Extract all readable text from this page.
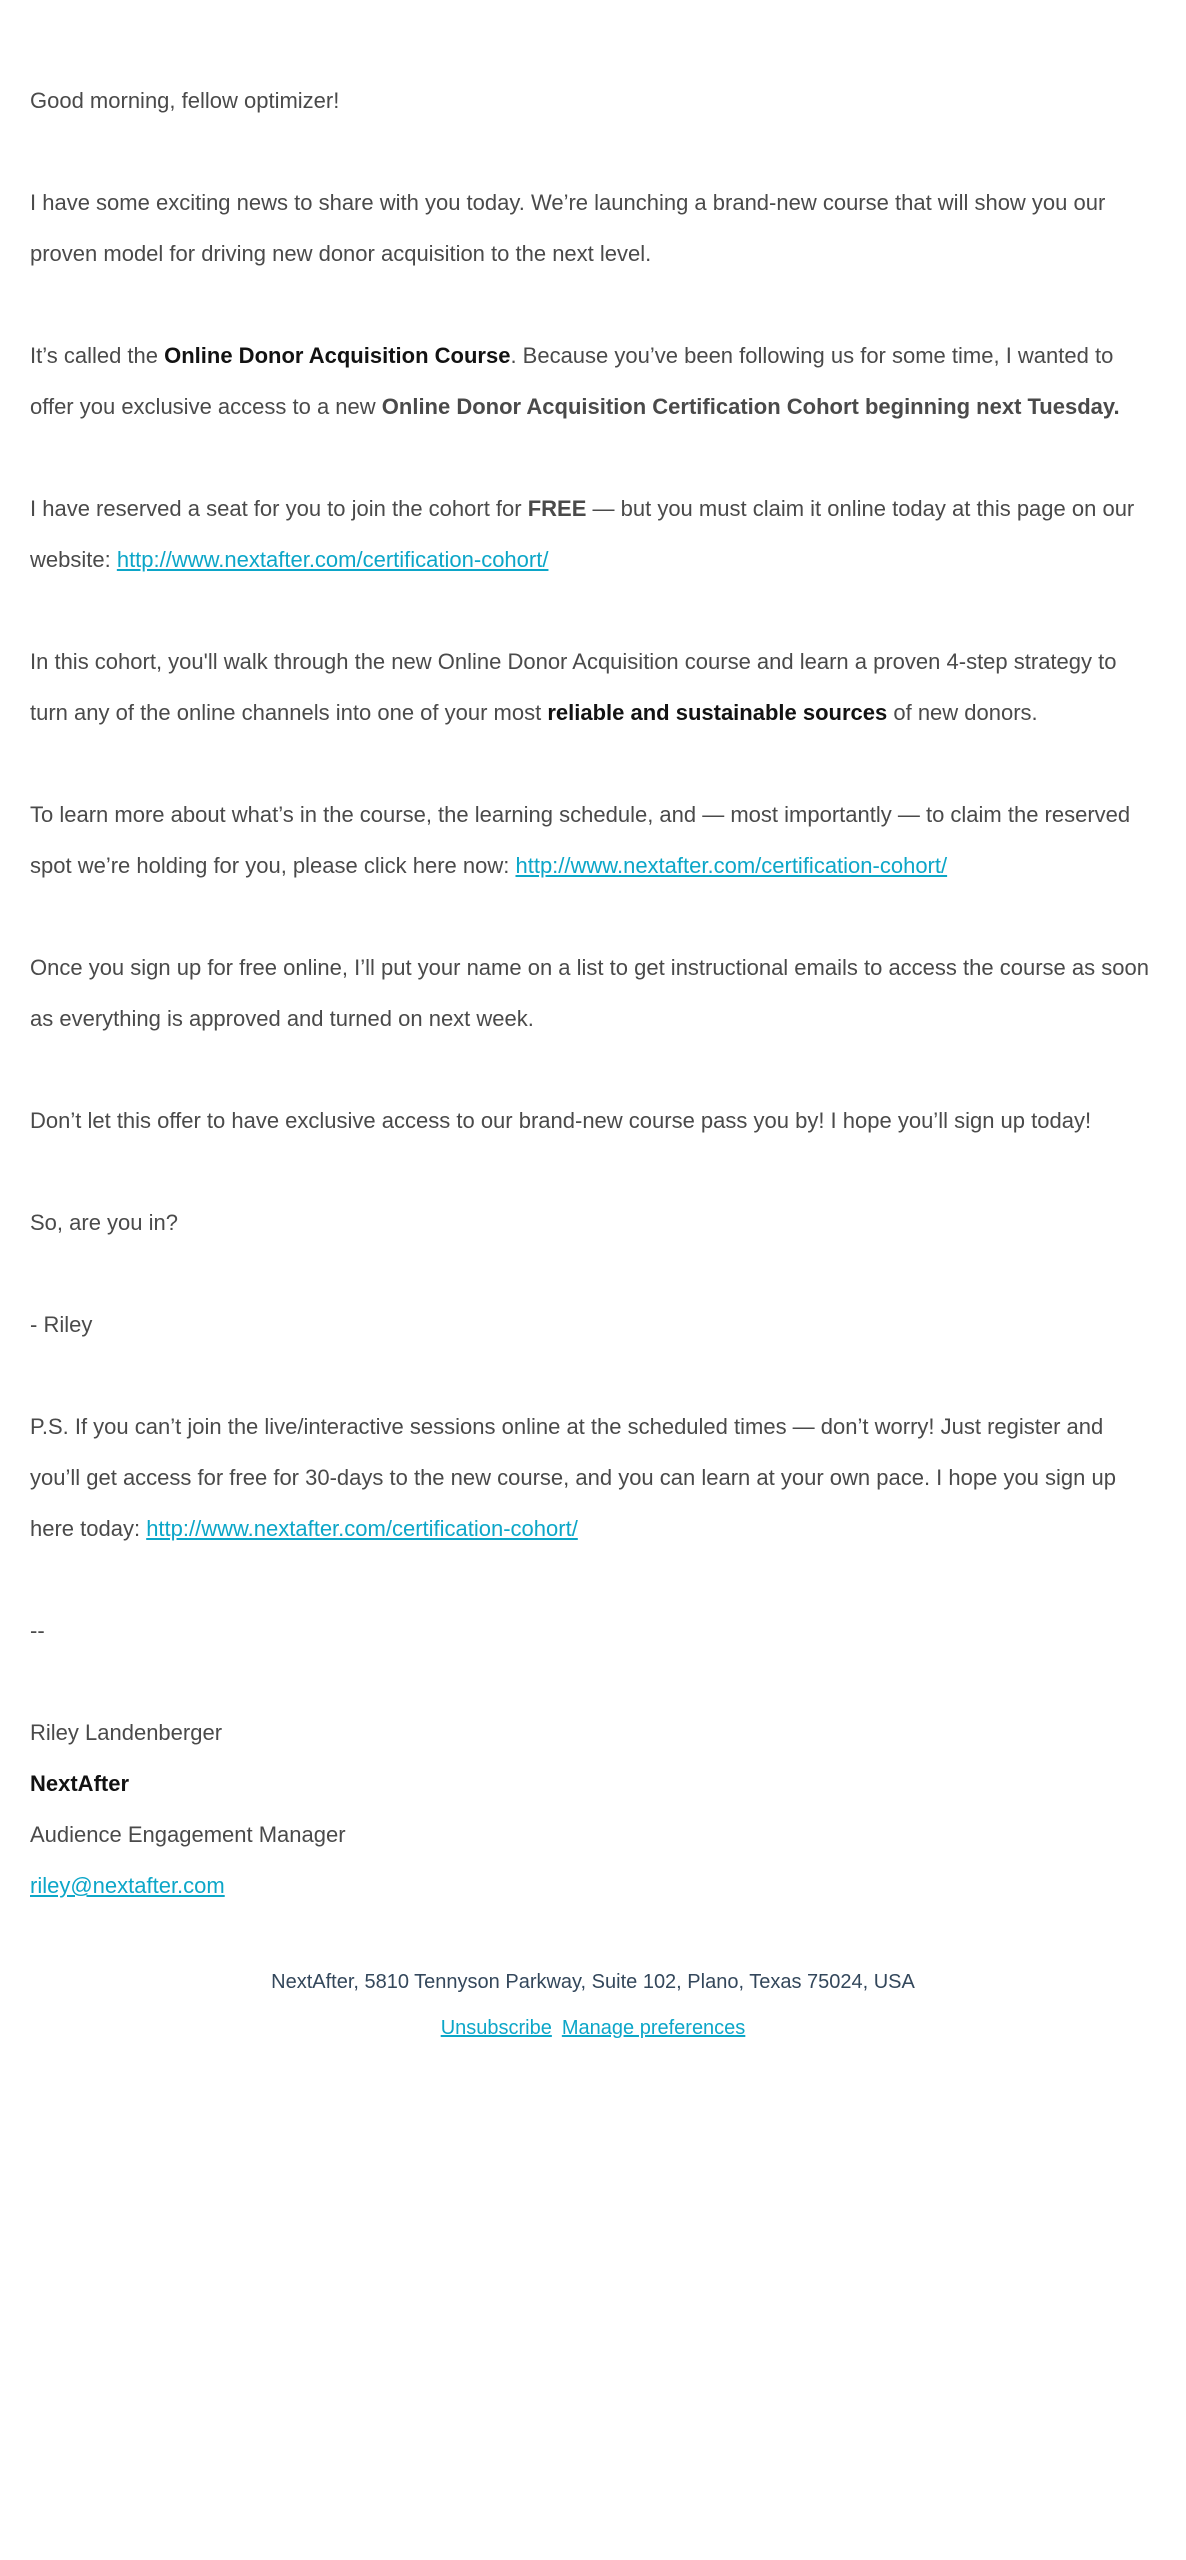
Good morning, fellow optimizer!

I have some exciting news to share with you today. We’re launching a brand-new course that will show you our proven model for driving new donor acquisition to the next level.

It’s called the Online Donor Acquisition Course. Because you’ve been following us for some time, I wanted to offer you exclusive access to a new Online Donor Acquisition Certification Cohort beginning next Tuesday.

I have reserved a seat for you to join the cohort for FREE — but you must claim it online today at this page on our website: http://www.nextafter.com/certification-cohort/

In this cohort, you'll walk through the new Online Donor Acquisition course and learn a proven 4-step strategy to turn any of the online channels into one of your most reliable and sustainable sources of new donors.

To learn more about what’s in the course, the learning schedule, and — most importantly — to claim the reserved spot we’re holding for you, please click here now: http://www.nextafter.com/certification-cohort/

Once you sign up for free online, I’ll put your name on a list to get instructional emails to access the course as soon as everything is approved and turned on next week.

Don’t let this offer to have exclusive access to our brand-new course pass you by! I hope you’ll sign up today!

So, are you in?

- Riley

P.S. If you can’t join the live/interactive sessions online at the scheduled times — don’t worry! Just register and you’ll get access for free for 30-days to the new course, and you can learn at your own pace. I hope you sign up here today: http://www.nextafter.com/certification-cohort/

--

Riley Landenberger
NextAfter
Audience Engagement Manager
riley@nextafter.com
NextAfter, 5810 Tennyson Parkway, Suite 102, Plano, Texas 75024, USA
Unsubscribe Manage preferences
